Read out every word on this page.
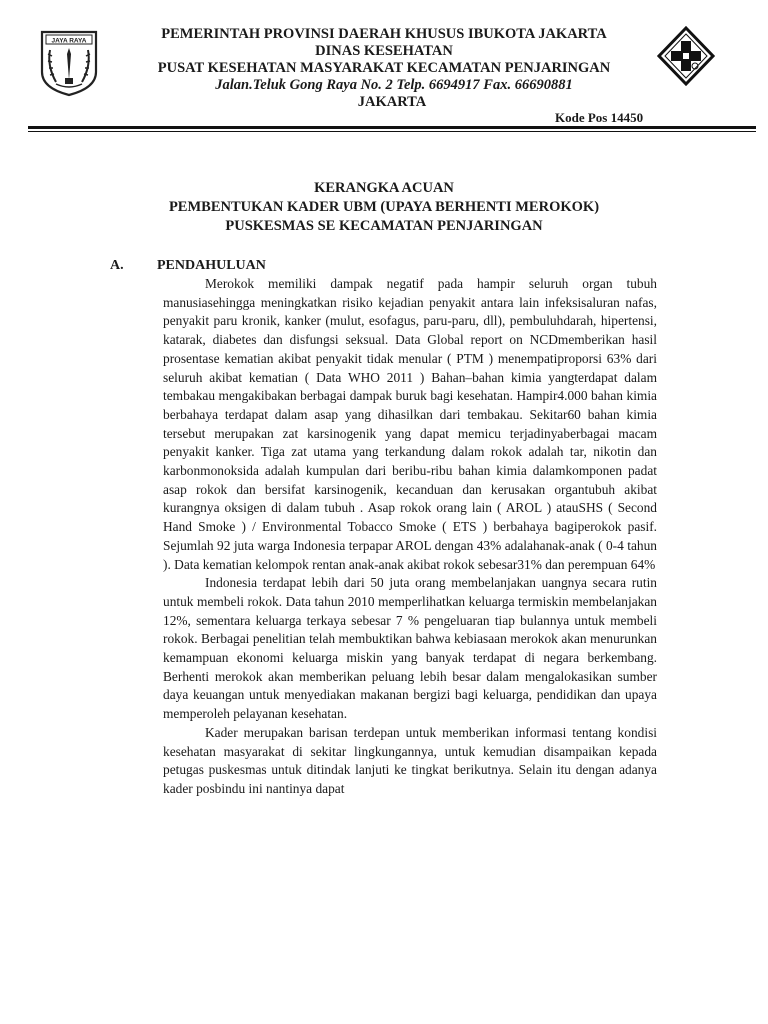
JAYA RAYA	PEMERINTAH PROVINSI DAERAH KHUSUS IBUKOTA JAKARTA
DINAS KESEHATAN
PUSAT KESEHATAN MASYARAKAT KECAMATAN PENJARINGAN
Jalan.Teluk Gong Raya No. 2 Telp. 6694917 Fax. 66690881
JAKARTA
Kode Pos 14450
KERANGKA ACUAN
PEMBENTUKAN KADER UBM (UPAYA BERHENTI MEROKOK)
PUSKESMAS SE KECAMATAN PENJARINGAN
A. PENDAHULUAN

Merokok memiliki dampak negatif pada hampir seluruh organ tubuh manusiasehingga meningkatkan risiko kejadian penyakit antara lain infeksisaluran nafas, penyakit paru kronik, kanker (mulut, esofagus, paru-paru, dll), pembuluhdarah, hipertensi, katarak, diabetes dan disfungsi seksual. Data Global report on NCDmemberikan hasil prosentase kematian akibat penyakit tidak menular ( PTM ) menempatiproporsi 63% dari seluruh akibat kematian ( Data WHO 2011 ) Bahan–bahan kimia yangterdapat dalam tembakau mengakibakan berbagai dampak buruk bagi kesehatan. Hampir4.000 bahan kimia berbahaya terdapat dalam asap yang dihasilkan dari tembakau. Sekitar60 bahan kimia tersebut merupakan zat karsinogenik yang dapat memicu terjadinyaberbagai macam penyakit kanker. Tiga zat utama yang terkandung dalam rokok adalah tar, nikotin dan karbonmonoksida adalah kumpulan dari beribu-ribu bahan kimia dalamkomponen padat asap rokok dan bersifat karsinogenik, kecanduan dan kerusakan organtubuh akibat kurangnya oksigen di dalam tubuh . Asap rokok orang lain ( AROL ) atauSHS ( Second Hand Smoke ) / Environmental Tobacco Smoke ( ETS ) berbahaya bagiperokok pasif. Sejumlah 92 juta warga Indonesia terpapar AROL dengan 43% adalahanak-anak ( 0-4 tahun ). Data kematian kelompok rentan anak-anak akibat rokok sebesar31% dan perempuan 64%

Indonesia terdapat lebih dari 50 juta orang membelanjakan uangnya secara rutin untuk membeli rokok. Data tahun 2010 memperlihatkan keluarga termiskin membelanjakan 12%, sementara keluarga terkaya sebesar 7 % pengeluaran tiap bulannya untuk membeli rokok. Berbagai penelitian telah membuktikan bahwa kebiasaan merokok akan menurunkan kemampuan ekonomi keluarga miskin yang banyak terdapat di negara berkembang. Berhenti merokok akan memberikan peluang lebih besar dalam mengalokasikan sumber daya keuangan untuk menyediakan makanan bergizi bagi keluarga, pendidikan dan upaya memperoleh pelayanan kesehatan.

Kader merupakan barisan terdepan untuk memberikan informasi tentang kondisi kesehatan masyarakat di sekitar lingkungannya, untuk kemudian disampaikan kepada petugas puskesmas untuk ditindak lanjuti ke tingkat berikutnya. Selain itu dengan adanya kader posbindu ini nantinya dapat
